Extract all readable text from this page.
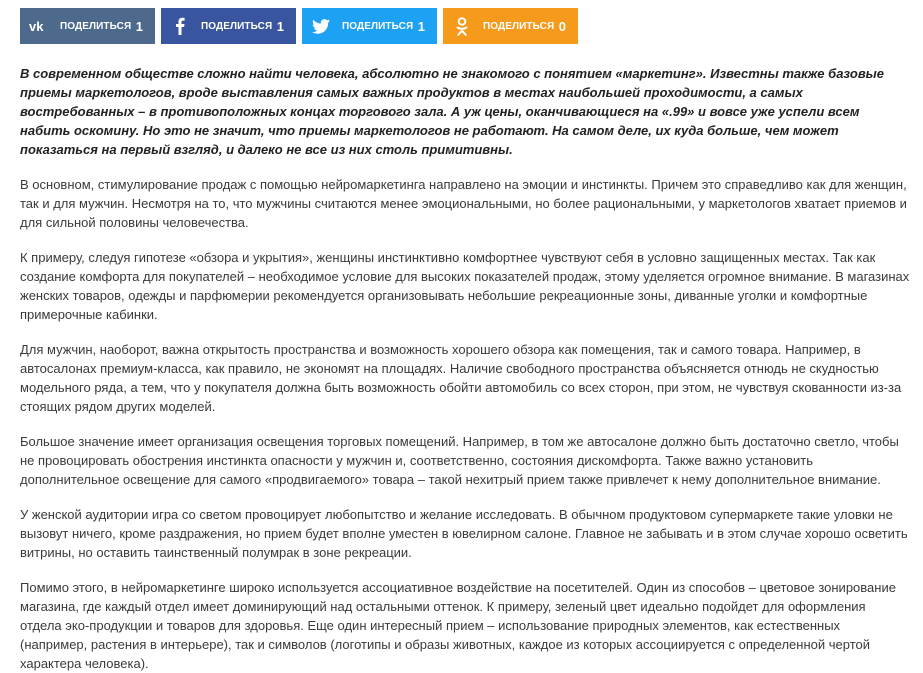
vk ПОДЕЛИТЬСЯ 1	ПОДЕЛИТЬСЯ 1	ПОДЕЛИТЬСЯ 1	ПОДЕЛИТЬСЯ 0

В современном обществе сложно найти человека, абсолютно не знакомого с понятием «маркетинг». Известны также базовые приемы маркетологов, вроде выставления самых важных продуктов в местах наибольшей проходимости, а самых востребованных – в противоположных концах торгового зала. А уж цены, оканчивающиеся на «.99» и вовсе уже успели всем набить оскомину. Но это не значит, что приемы маркетологов не работают. На самом деле, их куда больше, чем может показаться на первый взгляд, и далеко не все из них столь примитивны.

В основном, стимулирование продаж с помощью нейромаркетинга направлено на эмоции и инстинкты. Причем это справедливо как для женщин, так и для мужчин. Несмотря на то, что мужчины считаются менее эмоциональными, но более рациональными, у маркетологов хватает приемов и для сильной половины человечества.

К примеру, следуя гипотезе «обзора и укрытия», женщины инстинктивно комфортнее чувствуют себя в условно защищенных местах. Так как создание комфорта для покупателей – необходимое условие для высоких показателей продаж, этому уделяется огромное внимание. В магазинах женских товаров, одежды и парфюмерии рекомендуется организовывать небольшие рекреационные зоны, диванные уголки и комфортные примерочные кабинки.

Для мужчин, наоборот, важна открытость пространства и возможность хорошего обзора как помещения, так и самого товара. Например, в автосалонах премиум-класса, как правило, не экономят на площадях. Наличие свободного пространства объясняется отнюдь не скудностью модельного ряда, а тем, что у покупателя должна быть возможность обойти автомобиль со всех сторон, при этом, не чувствуя скованности из-за стоящих рядом других моделей.

Большое значение имеет организация освещения торговых помещений. Например, в том же автосалоне должно быть достаточно светло, чтобы не провоцировать обострения инстинкта опасности у мужчин и, соответственно, состояния дискомфорта. Также важно установить дополнительное освещение для самого «продвигаемого» товара – такой нехитрый прием также привлечет к нему дополнительное внимание.

У женской аудитории игра со светом провоцирует любопытство и желание исследовать. В обычном продуктовом супермаркете такие уловки не вызовут ничего, кроме раздражения, но прием будет вполне уместен в ювелирном салоне. Главное не забывать и в этом случае хорошо осветить витрины, но оставить таинственный полумрак в зоне рекреации.

Помимо этого, в нейромаркетинге широко используется ассоциативное воздействие на посетителей. Один из способов – цветовое зонирование магазина, где каждый отдел имеет доминирующий над остальными оттенок. К примеру, зеленый цвет идеально подойдет для оформления отдела эко-продукции и товаров для здоровья. Еще один интересный прием – использование природных элементов, как естественных (например, растения в интерьере), так и символов (логотипы и образы животных, каждое из которых ассоциируется с определенной чертой характера человека).
